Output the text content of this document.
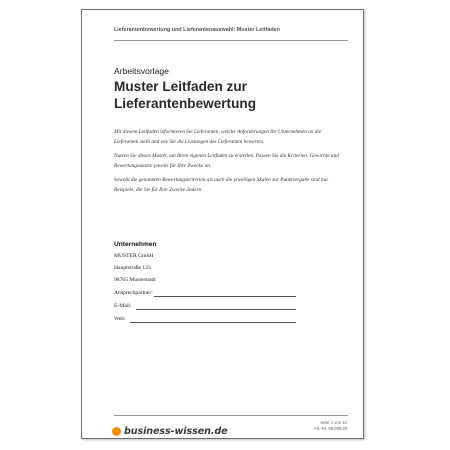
Lieferantenbewertung und Lieferantenauswahl: Muster Leitfaden
Arbeitsvorlage
Muster Leitfaden zur
Lieferantenbewertung

Mit diesem Leitfaden informieren Sie Lieferanten, welche Anforderungen Ihr Unternehmen an die Lieferanten stellt und wie Sie die Leistungen des Lieferanten bewerten.

Nutzen Sie dieses Muster, um Ihren eigenen Leitfaden zu erstellen. Passen Sie die Kriterien, Gewichte und Bewertungsskalen jeweils für Ihre Zwecke an.

Sowohl die genannten Bewertungskriterien als auch die jeweiligen Skalen zur Punktvergabe sind nur Beispiele, die Sie für Ihre Zwecke ändern.

Unternehmen
MUSTER GmbH
Hauptstraße 123
98765 Musterstadt
Ansprechpartner:
E-Mail:
Web:
business-wissen.de
Seite 1 von 12
Art.-Nr. 98.089.28
